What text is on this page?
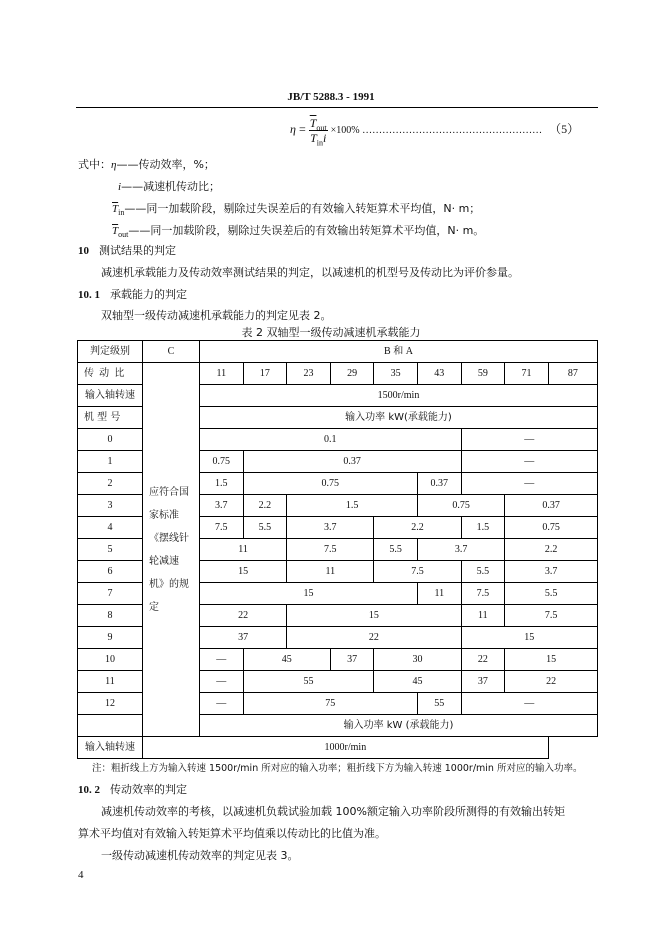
JB/T 5288.3 - 1991
$\eta = \frac{\overline{T}_{out}}{\overline{T}_{in}i} \times 100\%$ ……………………………………………… （5）
式中：η——传动效率，%；
i——减速机传动比；
$\overline{T}_{in}——$同一加载阶段，剔除过失误差后的有效输入转矩算术平均值，N· m；
$\overline{T}_{out}——$同一加载阶段，剔除过失误差后的有效输出转矩算术平均值，N· m。
10 测试结果的判定
减速机承载能力及传动效率测试结果的判定，以减速机的机型号及传动比为评价参量。
10. 1 承载能力的判定
双轴型一级传动减速机承载能力的判定见表 2。
表 2 双轴型一级传动减速机承载能力
判定级别	C	B 和 A								
传 动 比	应符合国家标准《摆线针轮减速机》的规定	11	17	23	29	35	43	59	71	87
输入轴转速		1500r/min								
机 型 号		输入功率 kW(承载能力)								
0		0.1						—		
1		0.75	0.37					—		
2		1.5	0.75				0.37	—		
3		3.7	2.2	1.5			0.75		0.37	
4		7.5	5.5	3.7		2.2		1.5	0.75	
5		11		7.5		5.5	3.7		2.2	
6		15		11		7.5		5.5	3.7	
7		15					11	7.5	5.5	
8		22		15				11	7.5	
9		37		22				15		
10		—	45		37	30		22	15	
11		—	55			45		37	22	
12		—	75				55	—		
		输入功率 kW (承载能力)								
输入轴转速	1000r/min									
注：粗折线上方为输入转速 1500r/min 所对应的输入功率；粗折线下方为输入转速 1000r/min 所对应的输入功率。
10. 2 传动效率的判定
减速机传动效率的考核，以减速机负载试验加载 100%额定输入功率阶段所测得的有效输出转矩
算术平均值对有效输入转矩算术平均值乘以传动比的比值为准。
一级传动减速机传动效率的判定见表 3。
4
